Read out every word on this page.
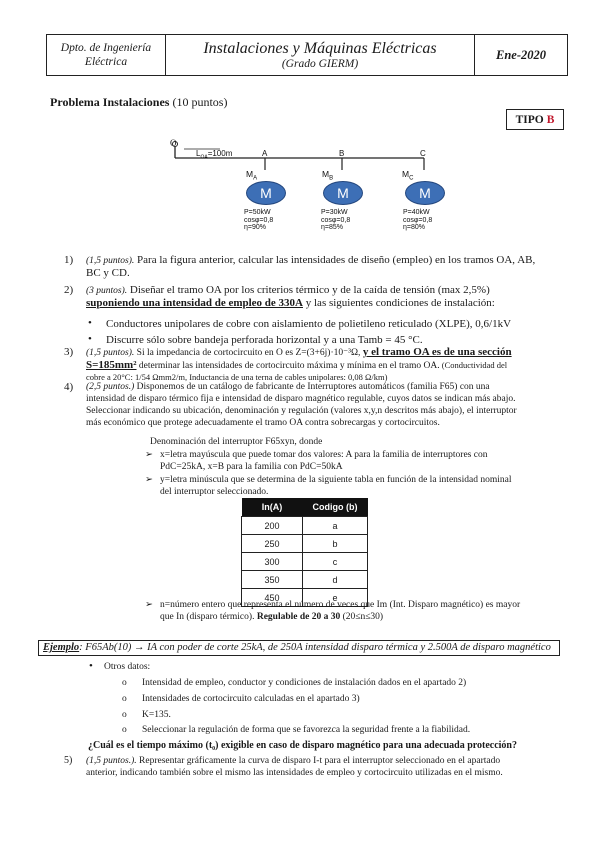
Dpto. de Ingeniería
Eléctrica
Instalaciones y Máquinas Eléctricas
(Grado GIERM)
Ene-2020
Problema Instalaciones (10 puntos)
TIPO B
O
$L_{OA}=100m$	A	B	C
$M_A$	$M_B$	$M_C$
M	M	M
P=50kW
cosφ=0,8
η=90%
P=30kW
cosφ=0,8
η=85%
P=40kW
cosφ=0,8
η=80%
1) (1,5 puntos). Para la figura anterior, calcular las intensidades de diseño (empleo) en los tramos OA, AB,
BC y CD.
2) (3 puntos). Diseñar el tramo OA por los criterios térmico y de la caída de tensión (max 2,5%)
suponiendo una intensidad de empleo de 330A y las siguientes condiciones de instalación:
• Conductores unipolares de cobre con aislamiento de polietileno reticulado (XLPE), 0,6/1kV
• Discurre sólo sobre bandeja perforada horizontal y a una Tamb = 45 °C.
3) (1,5 puntos). Si la impedancia de cortocircuito en O es Z=(3+6j)·10⁻³Ω, y el tramo OA es de una sección
S=185mm² determinar las intensidades de cortocircuito máxima y mínima en el tramo OA. (Conductividad del
cobre a 20°C: 1/54 Ωmm2/m, Inductancia de una terna de cables unipolares: 0,08 Ω/km)
4) (2,5 puntos.) Disponemos de un catálogo de fabricante de Interruptores automáticos (familia F65) con una
intensidad de disparo térmico fija e intensidad de disparo magnético regulable, cuyos datos se indican más abajo.
Seleccionar indicando su ubicación, denominación y regulación (valores x,y,n descritos más abajo), el interruptor
más económico que protege adecuadamente el tramo OA contra sobrecargas y cortocircuitos.
Denominación del interruptor F65xyn, donde
➢ x=letra mayúscula que puede tomar dos valores: A para la familia de interruptores con
PdC=25kA, x=B para la familia con PdC=50kA
➢ y=letra minúscula que se determina de la siguiente tabla en función de la intensidad nominal
del interruptor seleccionado.
In(A)	Codigo (b)
200	a
250	b
300	c
350	d
450	e
➢ n=número entero que representa el número de veces que Im (Int. Disparo magnético) es mayor
que In (disparo térmico). Regulable de 20 a 30 (20≤n≤30)
Ejemplo: F65Ab(10) → IA con poder de corte 25kA, de 250A intensidad disparo térmica y 2.500A de disparo magnético
• Otros datos:
o Intensidad de empleo, conductor y condiciones de instalación dados en el apartado 2)
o Intensidades de cortocircuito calculadas en el apartado 3)
o K=135.
o Seleccionar la regulación de forma que se favorezca la seguridad frente a la fiabilidad.
¿Cuál es el tiempo máximo (t₀) exigible en caso de disparo magnético para una adecuada protección?
5) (1,5 puntos.). Representar gráficamente la curva de disparo I-t para el interruptor seleccionado en el apartado
anterior, indicando también sobre el mismo las intensidades de empleo y cortocircuito utilizadas en el mismo.
